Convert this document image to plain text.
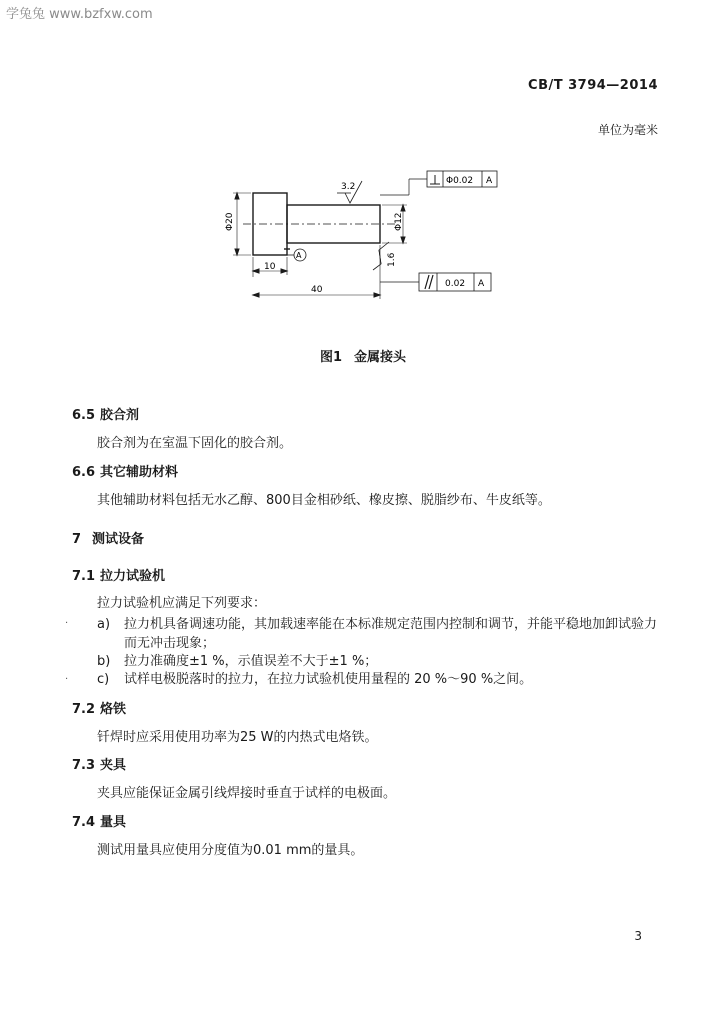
学兔兔 www.bzfxw.com
CB/T 3794—2014
单位为毫米
3.2
1.6
Φ20	Φ12
10
40
A
Φ0.02 A
0.02 A
图1 金属接头
6.5 胶合剂
胶合剂为在室温下固化的胶合剂。
6.6 其它辅助材料
其他辅助材料包括无水乙醇、800目金相砂纸、橡皮擦、脱脂纱布、牛皮纸等。
7 测试设备
7.1 拉力试验机
拉力试验机应满足下列要求：
· a) 拉力机具备调速功能，其加载速率能在本标准规定范围内控制和调节，并能平稳地加卸试验力
而无冲击现象；
b) 拉力准确度±1 %，示值误差不大于±1 %；
· c) 试样电极脱落时的拉力，在拉力试验机使用量程的 20 %～90 %之间。
7.2 烙铁
钎焊时应采用使用功率为25 W的内热式电烙铁。
7.3 夹具
夹具应能保证金属引线焊接时垂直于试样的电极面。
7.4 量具
测试用量具应使用分度值为0.01 mm的量具。
3
